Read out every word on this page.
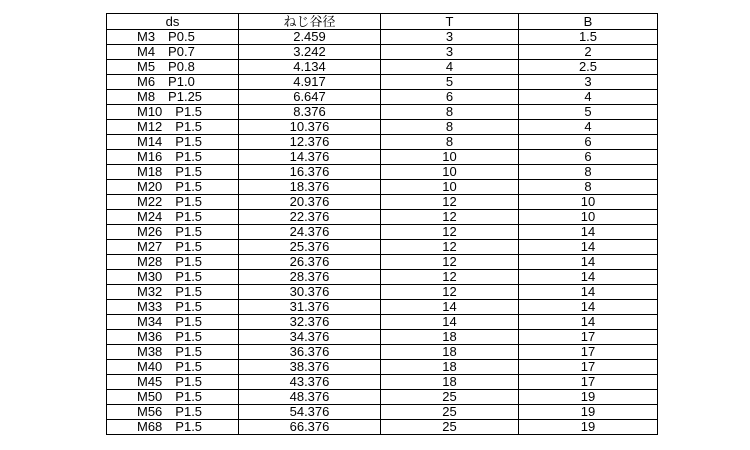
ds	ねじ谷径	T	B
M3　P0.5	2.459	3	1.5
M4　P0.7	3.242	3	2
M5　P0.8	4.134	4	2.5
M6　P1.0	4.917	5	3
M8　P1.25	6.647	6	4
M10　P1.5	8.376	8	5
M12　P1.5	10.376	8	4
M14　P1.5	12.376	8	6
M16　P1.5	14.376	10	6
M18　P1.5	16.376	10	8
M20　P1.5	18.376	10	8
M22　P1.5	20.376	12	10
M24　P1.5	22.376	12	10
M26　P1.5	24.376	12	14
M27　P1.5	25.376	12	14
M28　P1.5	26.376	12	14
M30　P1.5	28.376	12	14
M32　P1.5	30.376	12	14
M33　P1.5	31.376	14	14
M34　P1.5	32.376	14	14
M36　P1.5	34.376	18	17
M38　P1.5	36.376	18	17
M40　P1.5	38.376	18	17
M45　P1.5	43.376	18	17
M50　P1.5	48.376	25	19
M56　P1.5	54.376	25	19
M68　P1.5	66.376	25	19
